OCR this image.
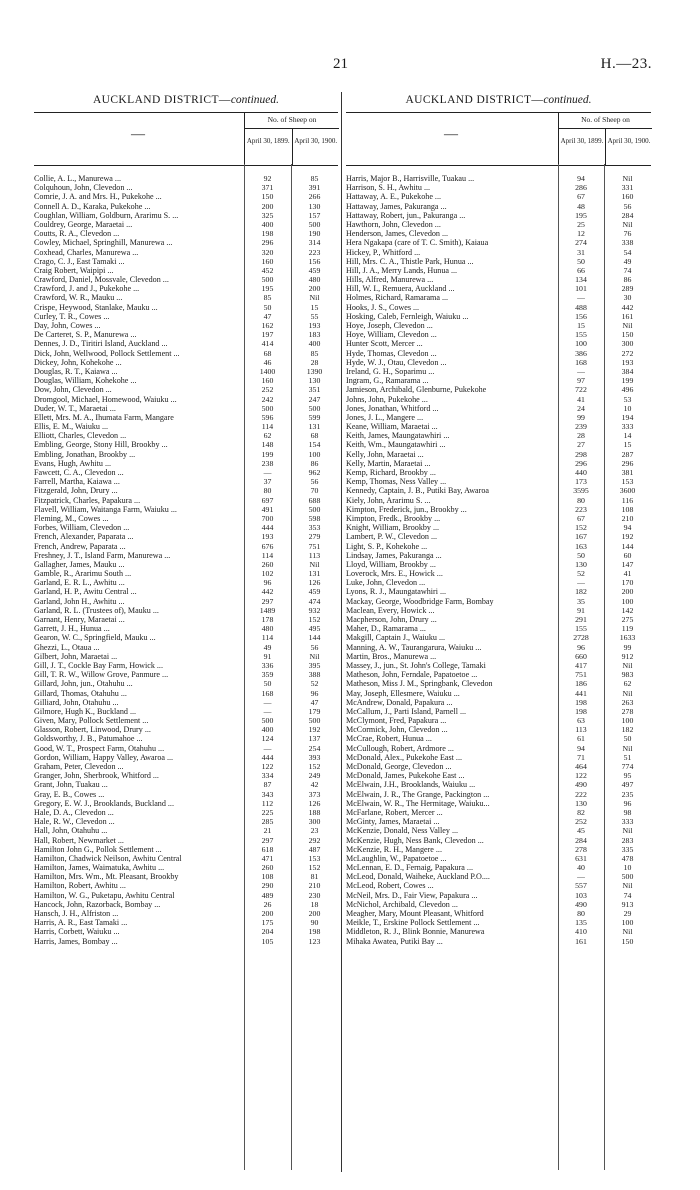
21	H.—23.
AUCKLAND DISTRICT—continued.
—
No. of Sheep on
April 30, 1899. April 30, 1900.
Collie, A. L., Manurewa ...	92	85
Colquhoun, John, Clevedon ...	371	391
Comrie, J. A. and Mrs. H., Pukekohe ...	150	266
Connell A. D., Karaka, Pukekohe ...	200	130
Coughlan, William, Goldburn, Ararimu S. ...	325	157
Couldrey, George, Maraetai ...	400	500
Coutts, R. A., Clevedon ...	198	190
Cowley, Michael, Springhill, Manurewa ...	296	314
Coxhead, Charles, Manurewa ...	320	223
Crago, C. J., East Tamaki ...	160	156
Craig Robert, Waipipi ...	452	459
Crawford, Daniel, Mossvale, Clevedon ...	500	480
Crawford, J. and J., Pukekohe ...	195	200
Crawford, W. R., Mauku ...	85	Nil
Crispe, Heywood, Stanlake, Mauku ...	50	15
Curley, T. R., Cowes ...	47	55
Day, John, Cowes ...	162	193
De Carteret, S. P., Manurewa ...	197	183
Dennes, J. D., Tiritiri Island, Auckland ...	414	400
Dick, John, Wellwood, Pollock Settlement ...	68	85
Dickey, John, Kohekohe ...	46	28
Douglas, R. T., Kaiawa ...	1400	1390
Douglas, William, Kohekohe ...	160	130
Dow, John, Clevedon ...	252	351
Dromgool, Michael, Homewood, Waiuku ...	242	247
Duder, W. T., Maraetai ...	500	500
Ellett, Mrs. M. A., Ihumata Farm, Mangare	596	599
Ellis, E. M., Waiuku ...	114	131
Elliott, Charles, Clevedon ...	62	68
Embling, George, Stony Hill, Brookby ...	148	154
Embling, Jonathan, Brookby ...	199	100
Evans, Hugh, Awhitu ...	238	86
Fawcett, C. A., Clevedon ...	—	962
Farrell, Martha, Kaiawa ...	37	56
Fitzgerald, John, Drury ...	80	70
Fitzpatrick, Charles, Papakura ...	697	688
Flavell, William, Waitanga Farm, Waiuku ...	491	500
Fleming, M., Cowes ...	700	598
Forbes, William, Clevedon ...	444	353
French, Alexander, Paparata ...	193	279
French, Andrew, Paparata ...	676	751
Freshney, J. T., Island Farm, Manurewa ...	114	113
Gallagher, James, Mauku ...	260	Nil
Gamble, R., Ararimu South ...	102	131
Garland, E. R. L., Awhitu ...	96	126
Garland, H. P., Awitu Central ...	442	459
Garland, John H., Awhitu ...	297	474
Garland, R. L. (Trustees of), Mauku ...	1489	932
Garnant, Henry, Maraetai ...	178	152
Garrett, J. H., Hunua ...	480	495
Gearon, W. C., Springfield, Mauku ...	114	144
Ghezzi, L., Otaua ...	49	56
Gilbert, John, Maraetai ...	91	Nil
Gill, J. T., Cockle Bay Farm, Howick ...	336	395
Gill, T. R. W., Willow Grove, Panmure ...	359	388
Gillard, John, jun., Otahuhu ...	50	52
Gillard, Thomas, Otahuhu ...	168	96
Gilliard, John, Otahuhu ...	—	47
Gilmore, Hugh K., Buckland ...	—	179
Given, Mary, Pollock Settlement ...	500	500
Glasson, Robert, Linwood, Drury ...	400	192
Goldsworthy, J. B., Patumahoe ...	124	137
Good, W. T., Prospect Farm, Otahuhu ...	—	254
Gordon, William, Happy Valley, Awaroa ...	444	393
Graham, Peter, Clevedon ...	122	152
Granger, John, Sherbrook, Whitford ...	334	249
Grant, John, Tuakau ...	87	42
Gray, E. B., Cowes ...	343	373
Gregory, E. W. J., Brooklands, Buckland ...	112	126
Hale, D. A., Clevedon ...	225	188
Hale, R. W., Clevedon ...	285	300
Hall, John, Otahuhu ...	21	23
Hall, Robert, Newmarket ...	297	292
Hamilton John G., Pollok Settlement ...	618	487
Hamilton, Chadwick Neilson, Awhitu Central	471	153
Hamilton, James, Waimatuka, Awhitu ...	260	152
Hamilton, Mrs. Wm., Mt. Pleasant, Brookby	108	81
Hamilton, Robert, Awhitu ...	290	210
Hamilton, W. G., Puketapu, Awhitu Central	489	230
Hancock, John, Razorback, Bombay ...	26	18
Hansch, J. H., Alfriston ...	200	200
Harris, A. R., East Tamaki ...	175	90
Harris, Corbett, Waiuku ...	204	198
Harris, James, Bombay ...	105	123
AUCKLAND DISTRICT—continued.
—
No. of Sheep on
April 30, 1899. April 30, 1900.
Harris, Major B., Harrisville, Tuakau ...	94	Nil
Harrison, S. H., Awhitu ...	286	331
Hattaway, A. E., Pukekohe ...	67	160
Hattaway, James, Pakuranga ...	48	56
Hattaway, Robert, jun., Pakuranga ...	195	284
Hawthorn, John, Clevedon ...	25	Nil
Henderson, James, Clevedon ...	12	76
Hera Ngakapa (care of T. C. Smith), Kaiaua	274	338
Hickey, P., Whitford ...	31	54
Hill, Mrs. C. A., Thistle Park, Hunua ...	50	49
Hill, J. A., Merry Lands, Hunua ...	66	74
Hills, Alfred, Manurewa ...	134	86
Hill, W. I., Remuera, Auckland ...	101	289
Holmes, Richard, Ramarama ...	—	30
Hooks, J. S., Cowes ...	488	442
Hosking, Caleb, Fernleigh, Waiuku ...	156	161
Hoye, Joseph, Clevedon ...	15	Nil
Hoye, William, Clevedon ...	155	150
Hunter Scott, Mercer ...	100	300
Hyde, Thomas, Clevedon ...	386	272
Hyde, W. J., Otau, Clevedon ...	168	193
Ireland, G. H., Soparimu ...	—	384
Ingram, G., Ramarama ...	97	199
Jamieson, Archibald, Glenburne, Pukekohe	722	496
Johns, John, Pukekohe ...	41	53
Jones, Jonathan, Whitford ...	24	10
Jones, J. L., Mangere ...	99	194
Keane, William, Maraetai ...	239	333
Keith, James, Maungatawhiri ...	28	14
Keith, Wm., Maungatawhiri ...	27	15
Kelly, John, Maraetai ...	298	287
Kelly, Martin, Maraetai ...	296	296
Kemp, Richard, Brookby ...	440	381
Kemp, Thomas, Ness Valley ...	173	153
Kennedy, Captain, J. B., Putiki Bay, Awaroa	3595	3600
Kiely, John, Ararimu S. ...	80	116
Kimpton, Frederick, jun., Brookby ...	223	108
Kimpton, Fredk., Brookby ...	67	210
Knight, William, Brookby ...	152	94
Lambert, P. W., Clevedon ...	167	192
Light, S. P., Kohekohe ...	163	144
Lindsay, James, Pakuranga ...	50	60
Lloyd, William, Brookby ...	130	147
Loverock, Mrs. E., Howick ...	52	41
Luke, John, Clevedon ...	—	170
Lyons, R. J., Maungatawhiri ...	182	200
Mackay, George, Woodbridge Farm, Bombay	35	100
Maclean, Every, Howick ...	91	142
Macpherson, John, Drury ...	291	275
Maher, D., Ramarama ...	155	119
Makgill, Captain J., Waiuku ...	2728	1633
Manning, A. W., Taurangarura, Waiuku ...	96	99
Martin, Bros., Manurewa ...	660	912
Massey, J., jun., St. John's College, Tamaki	417	Nil
Matheson, John, Ferndale, Papatoetoe ...	751	983
Matheson, Miss J. M., Springbank, Clevedon	186	62
May, Joseph, Ellesmere, Waiuku ...	441	Nil
McAndrew, Donald, Papakura ...	198	263
McCallum, J., Parti Island, Parnell ...	198	278
McClymont, Fred, Papakura ...	63	100
McCormick, John, Clevedon ...	113	182
McCrae, Robert, Hunua ...	61	50
McCullough, Robert, Ardmore ...	94	Nil
McDonald, Alex., Pukekohe East ...	71	51
McDonald, George, Clevedon ...	464	774
McDonald, James, Pukekohe East ...	122	95
McElwain, J.H., Brooklands, Waiuku ...	490	497
McElwain, J. R., The Grange, Packington ...	222	235
McElwain, W. R., The Hermitage, Waiuku...	130	96
McFarlane, Robert, Mercer ...	82	98
McGinty, James, Maraetai ...	252	333
McKenzie, Donald, Ness Valley ...	45	Nil
McKenzie, Hugh, Ness Bank, Clevedon ...	284	283
McKenzie, R. H., Mangere ...	278	335
McLaughlin, W., Papatoetoe ...	631	478
McLennan, E. D., Fernaig, Papakura ...	40	10
McLeod, Donald, Waiheke, Auckland P.O....	—	500
McLeod, Robert, Cowes ...	557	Nil
McNeil, Mrs. D., Fair View, Papakura ...	103	74
McNichol, Archibald, Clevedon ...	490	913
Meagher, Mary, Mount Pleasant, Whitford	80	29
Meikle, T., Erskine Pollock Settlement ...	135	100
Middleton, R. J., Blink Bonnie, Manurewa	410	Nil
Mihaka Awatea, Putiki Bay ...	161	150
